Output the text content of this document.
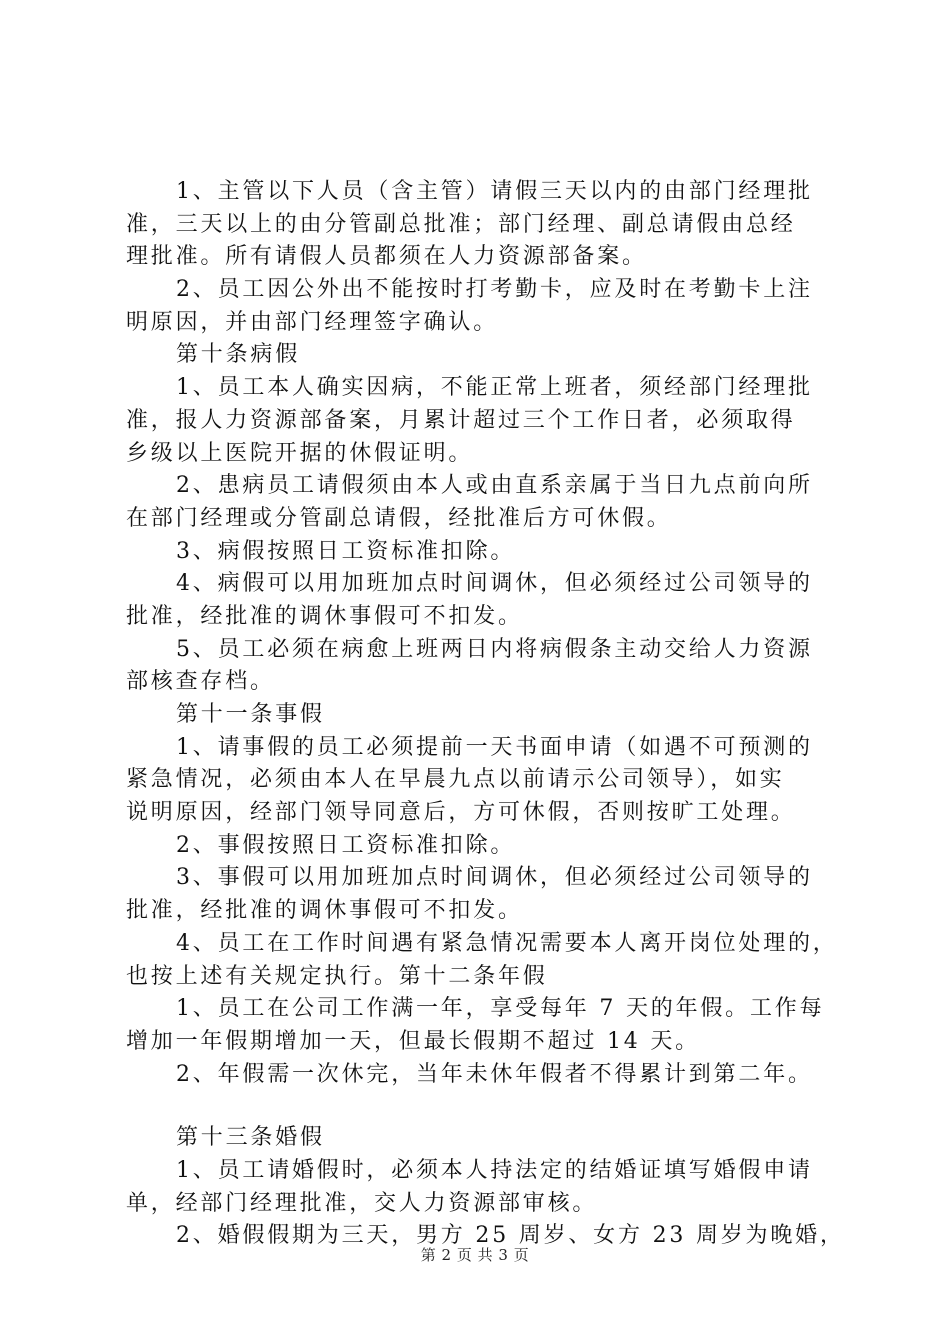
1、主管以下人员（含主管）请假三天以内的由部门经理批
准，三天以上的由分管副总批准；部门经理、副总请假由总经
理批准。所有请假人员都须在人力资源部备案。
2、员工因公外出不能按时打考勤卡，应及时在考勤卡上注
明原因，并由部门经理签字确认。
第十条病假
1、员工本人确实因病，不能正常上班者，须经部门经理批
准，报人力资源部备案，月累计超过三个工作日者，必须取得
乡级以上医院开据的休假证明。
2、患病员工请假须由本人或由直系亲属于当日九点前向所
在部门经理或分管副总请假，经批准后方可休假。
3、病假按照日工资标准扣除。
4、病假可以用加班加点时间调休，但必须经过公司领导的
批准，经批准的调休事假可不扣发。
5、员工必须在病愈上班两日内将病假条主动交给人力资源
部核查存档。
第十一条事假
1、请事假的员工必须提前一天书面申请（如遇不可预测的
紧急情况，必须由本人在早晨九点以前请示公司领导），如实
说明原因，经部门领导同意后，方可休假，否则按旷工处理。
2、事假按照日工资标准扣除。
3、事假可以用加班加点时间调休，但必须经过公司领导的
批准，经批准的调休事假可不扣发。
4、员工在工作时间遇有紧急情况需要本人离开岗位处理的，
也按上述有关规定执行。第十二条年假
1、员工在公司工作满一年，享受每年 7 天的年假。工作每
增加一年假期增加一天，但最长假期不超过 14 天。
2、年假需一次休完，当年未休年假者不得累计到第二年。
第十三条婚假
1、员工请婚假时，必须本人持法定的结婚证填写婚假申请
单，经部门经理批准，交人力资源部审核。
2、婚假假期为三天，男方 25 周岁、女方 23 周岁为晚婚，
第 2 页 共 3 页
